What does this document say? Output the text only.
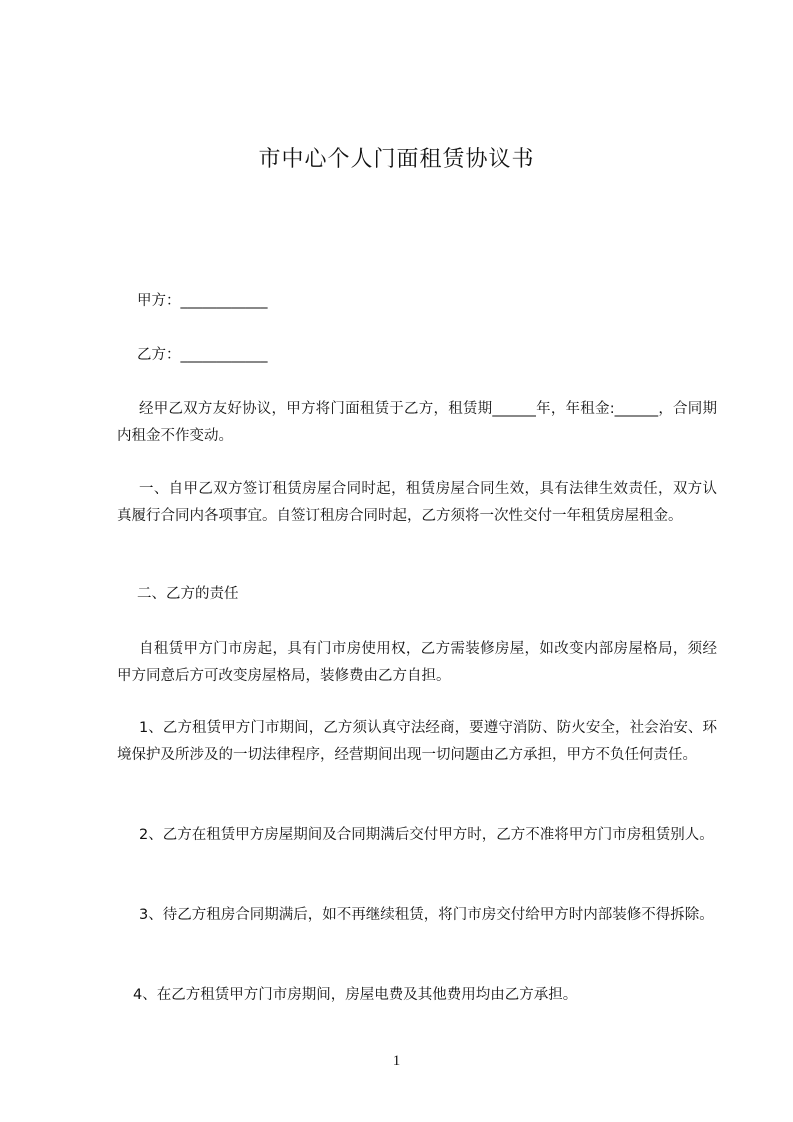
市中心个人门面租赁协议书

甲方：____________

乙方：____________

经甲乙双方友好协议，甲方将门面租赁于乙方，租赁期______年，年租金:______，合同期内租金不作变动。

一、自甲乙双方签订租赁房屋合同时起，租赁房屋合同生效，具有法律生效责任，双方认真履行合同内各项事宜。自签订租房合同时起，乙方须将一次性交付一年租赁房屋租金。

二、乙方的责任

自租赁甲方门市房起，具有门市房使用权，乙方需装修房屋，如改变内部房屋格局，须经甲方同意后方可改变房屋格局，装修费由乙方自担。

1、乙方租赁甲方门市期间，乙方须认真守法经商，要遵守消防、防火安全，社会治安、环境保护及所涉及的一切法律程序，经营期间出现一切问题由乙方承担，甲方不负任何责任。

2、乙方在租赁甲方房屋期间及合同期满后交付甲方时，乙方不准将甲方门市房租赁别人。

3、待乙方租房合同期满后，如不再继续租赁，将门市房交付给甲方时内部装修不得拆除。

4、在乙方租赁甲方门市房期间，房屋电费及其他费用均由乙方承担。

1
